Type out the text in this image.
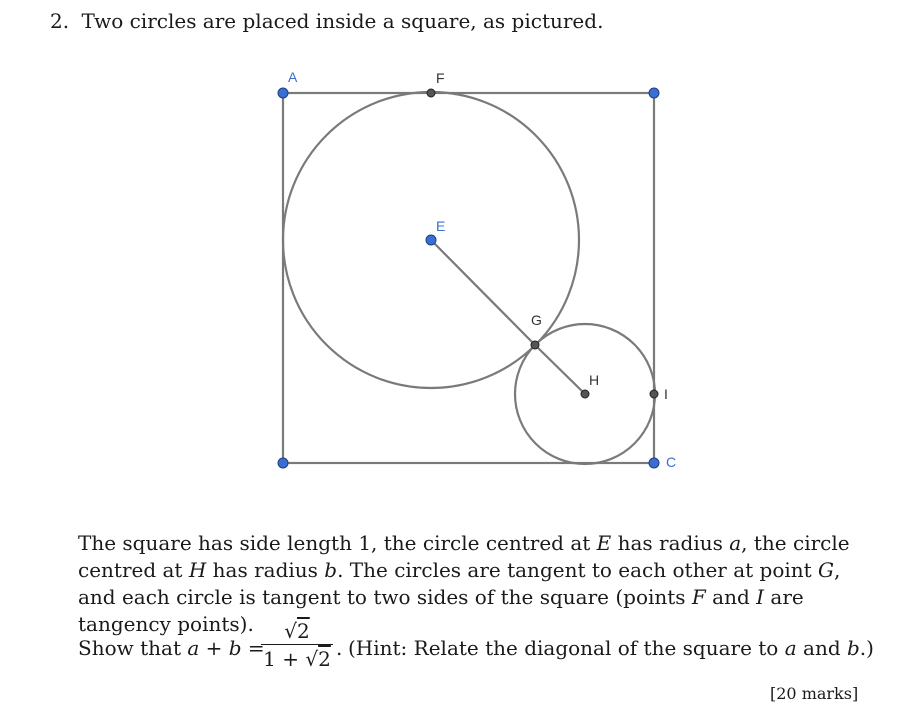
2. Two circles are placed inside a square, as pictured.
A	F
E
G
H
I
C

The square has side length 1, the circle centred at E has radius a, the circle centred at H has radius b. The circles are tangent to each other at point G, and each circle is tangent to two sides of the square (points F and I are tangency points).

Show that a + b =
$\frac{√2}{1 + √2}$ . (Hint: Relate the diagonal of the square to a and b.)
[20 marks]
